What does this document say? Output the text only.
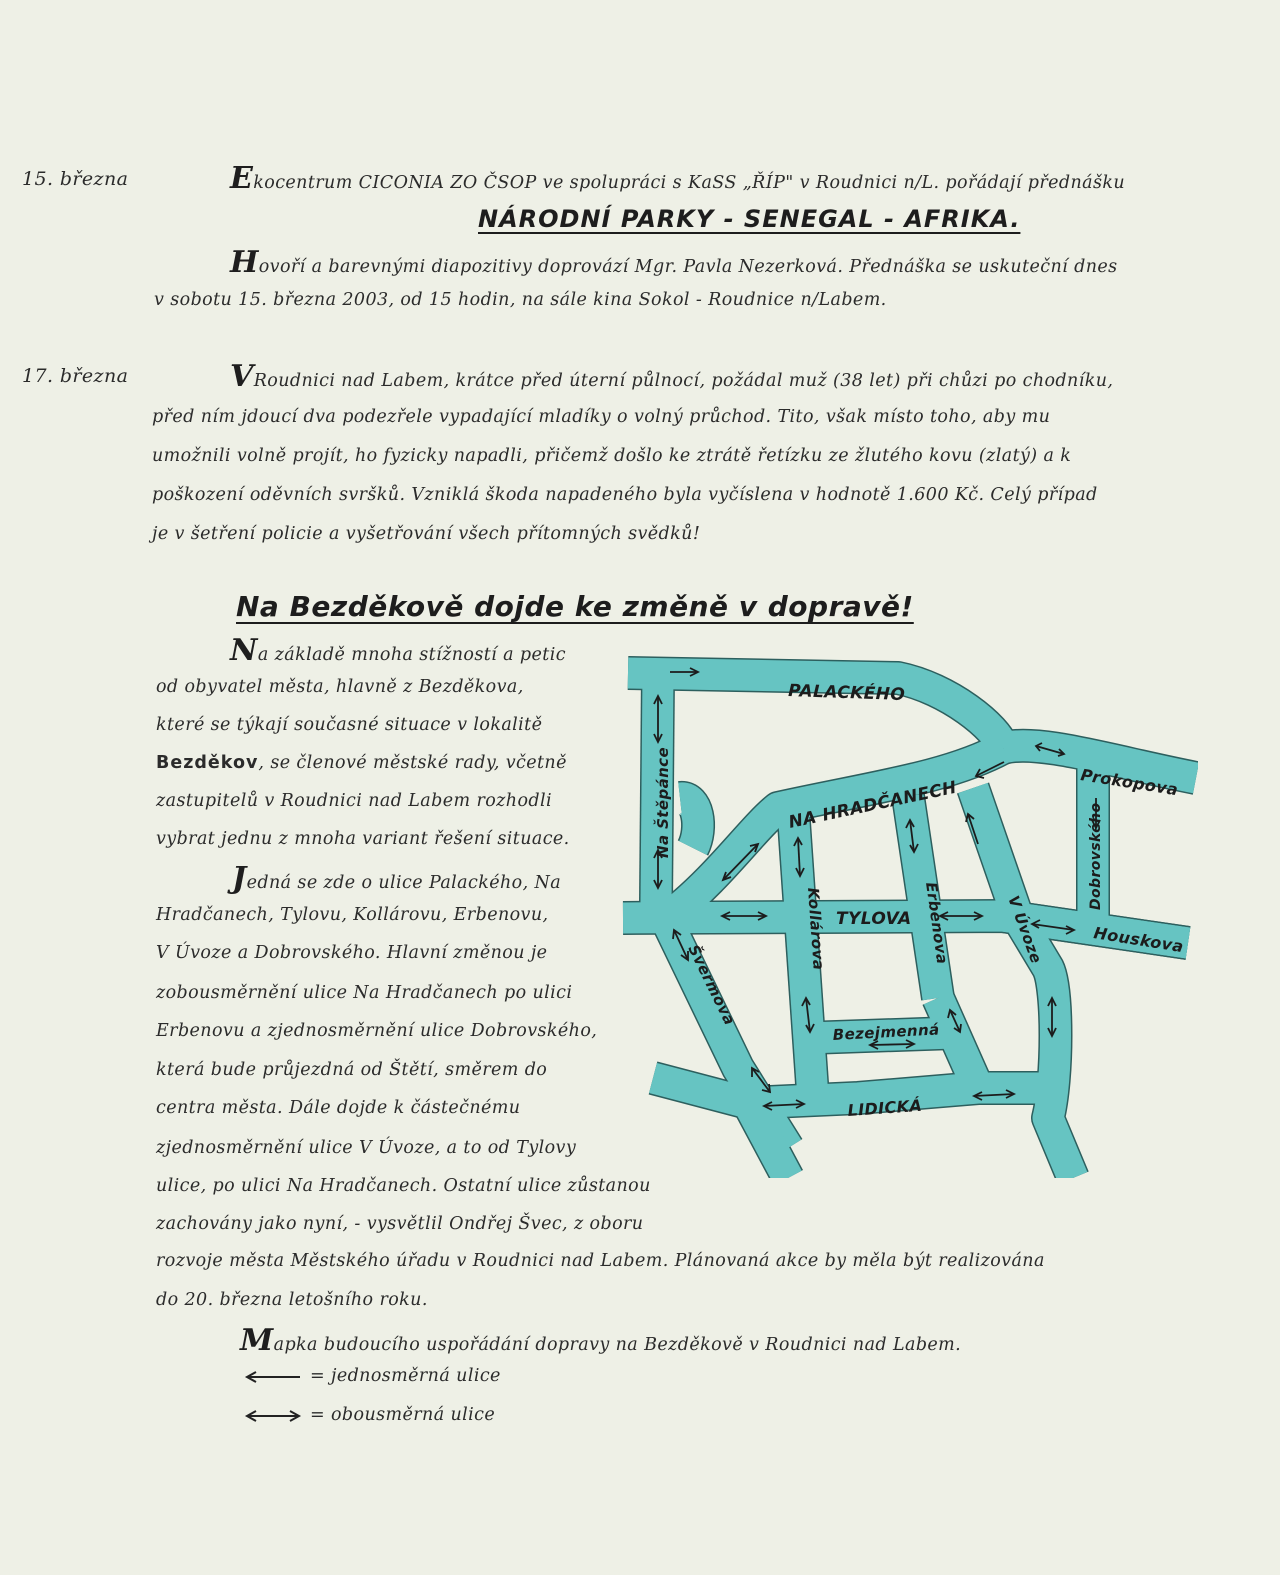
15. března	Ekocentrum CICONIA ZO ČSOP ve spolupráci s KaSS „ŘÍP" v Roudnici n/L. pořádají přednášku
NÁRODNÍ PARKY - SENEGAL - AFRIKA.
Hovoří a barevnými diapozitivy doprovází Mgr. Pavla Nezerková. Přednáška se uskuteční dnes
v sobotu 15. března 2003, od 15 hodin, na sále kina Sokol - Roudnice n/Labem.
17. března	VRoudnici nad Labem, krátce před úterní půlnocí, požádal muž (38 let) při chůzi po chodníku,
před ním jdoucí dva podezřele vypadající mladíky o volný průchod. Tito, však místo toho, aby mu
umožnili volně projít, ho fyzicky napadli, přičemž došlo ke ztrátě řetízku ze žlutého kovu (zlatý) a k
poškození oděvních svršků. Vzniklá škoda napadeného byla vyčíslena v hodnotě 1.600 Kč. Celý případ
je v šetření policie a vyšetřování všech přítomných svědků!
Na Bezděkově dojde ke změně v dopravě!
Na základě mnoha stížností a petic
od obyvatel města, hlavně z Bezděkova,
které se týkají současné situace v lokalitě
Bezděkov, se členové městské rady, včetně
zastupitelů v Roudnici nad Labem rozhodli
vybrat jednu z mnoha variant řešení situace.
Jedná se zde o ulice Palackého, Na
Hradčanech, Tylovu, Kollárovu, Erbenovu,
V Úvoze a Dobrovského. Hlavní změnou je
zobousměrnění ulice Na Hradčanech po ulici
Erbenovu a zjednosměrnění ulice Dobrovského,
která bude průjezdná od Štětí, směrem do
centra města. Dále dojde k částečnému
zjednosměrnění ulice V Úvoze, a to od Tylovy
ulice, po ulici Na Hradčanech. Ostatní ulice zůstanou
zachovány jako nyní, - vysvětlil Ondřej Švec, z oboru
rozvoje města Městského úřadu v Roudnici nad Labem. Plánovaná akce by měla být realizována
do 20. března letošního roku.
Mapka budoucího uspořádání dopravy na Bezděkově v Roudnici nad Labem.
= jednosměrná ulice
= obousměrná ulice
PALACKÉHO
Prokopova
NA HRADČANECH
Na Štěpánce	Dobrovského
TYLOVA
Kollárova	Erbenova	V Úvoze	Houskova
Švermova
Bezejmenná
LIDICKÁ
